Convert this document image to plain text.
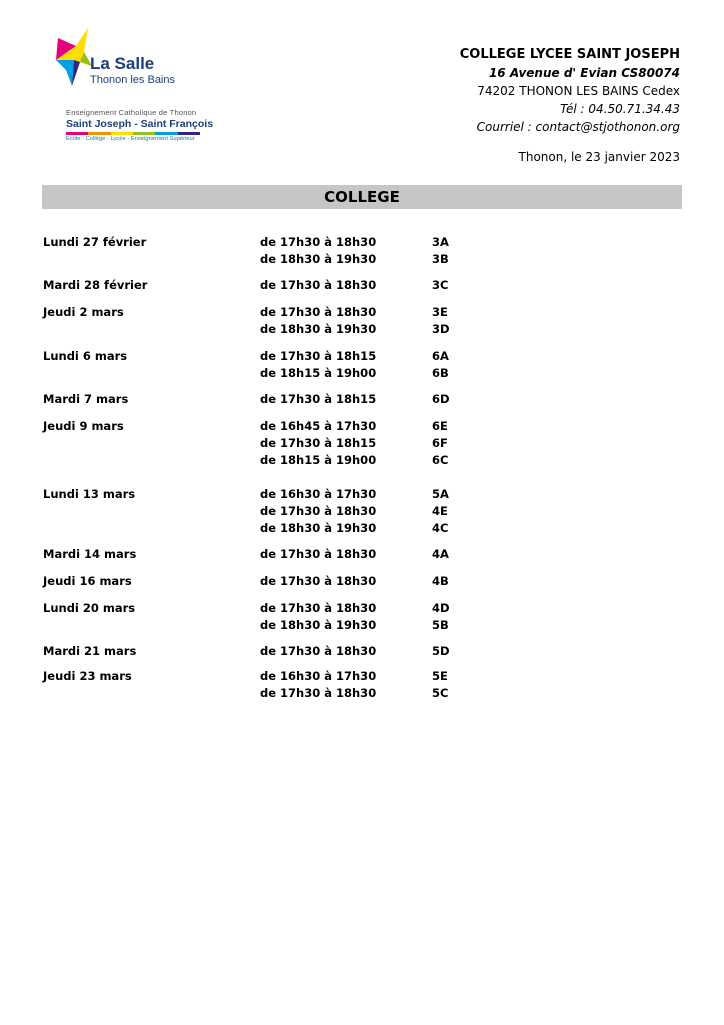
La Salle
Thonon les Bains
Enseignement Catholique de Thonon
Saint Joseph - Saint François
Ecole - Collège - Lycée - Enseignement Supérieur
COLLEGE LYCEE SAINT JOSEPH
16 Avenue d' Evian CS80074
74202 THONON LES BAINS Cedex
Tél : 04.50.71.34.43
Courriel : contact@stjothonon.org
Thonon, le 23 janvier 2023
COLLEGE
Lundi 27 février	de 17h30 à 18h30	3A
de 18h30 à 19h30	3B
Mardi 28 février	de 17h30 à 18h30	3C
Jeudi 2 mars	de 17h30 à 18h30	3E
de 18h30 à 19h30	3D
Lundi 6 mars	de 17h30 à 18h15	6A
de 18h15 à 19h00	6B
Mardi 7 mars	de 17h30 à 18h15	6D
Jeudi 9 mars	de 16h45 à 17h30	6E
de 17h30 à 18h15	6F
de 18h15 à 19h00	6C
Lundi 13 mars	de 16h30 à 17h30	5A
de 17h30 à 18h30	4E
de 18h30 à 19h30	4C
Mardi 14 mars	de 17h30 à 18h30	4A
Jeudi 16 mars	de 17h30 à 18h30	4B
Lundi 20 mars	de 17h30 à 18h30	4D
de 18h30 à 19h30	5B
Mardi 21 mars	de 17h30 à 18h30	5D
Jeudi 23 mars	de 16h30 à 17h30	5E
de 17h30 à 18h30	5C
